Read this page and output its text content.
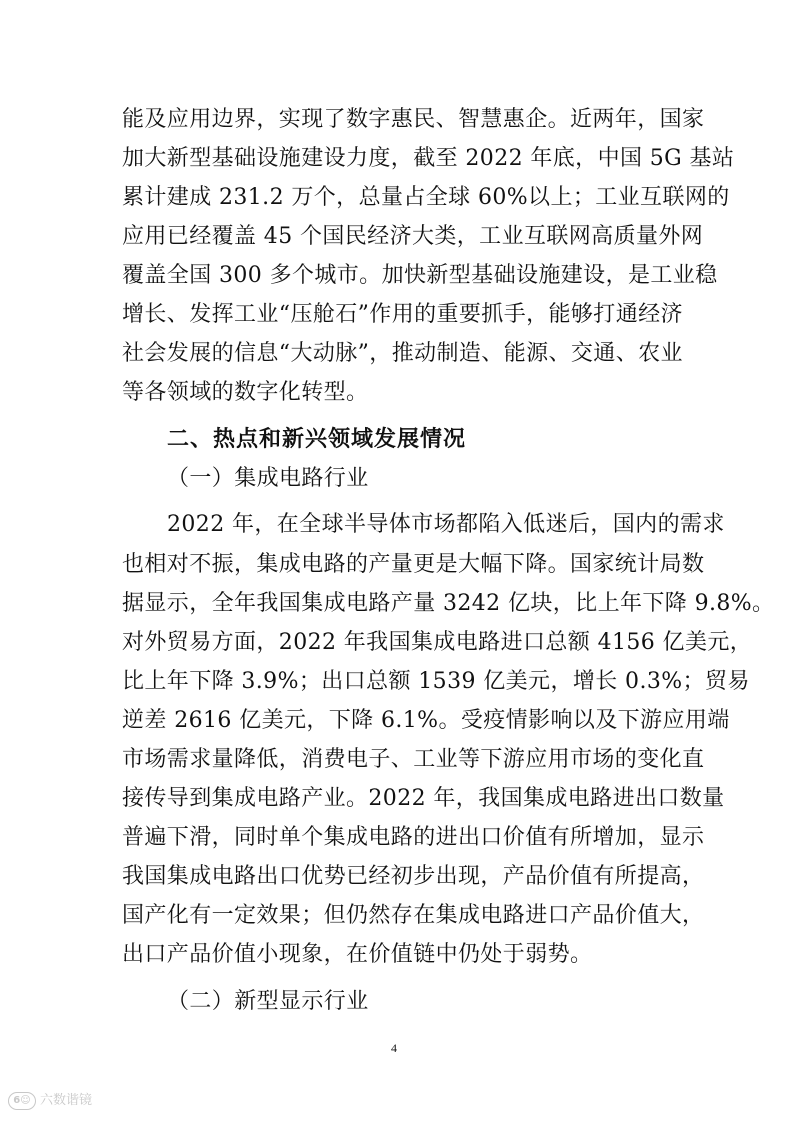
能及应用边界，实现了数字惠民、智慧惠企。近两年，国家
加大新型基础设施建设力度，截至 2022 年底，中国 5G 基站
累计建成 231.2 万个，总量占全球 60%以上；工业互联网的
应用已经覆盖 45 个国民经济大类，工业互联网高质量外网
覆盖全国 300 多个城市。加快新型基础设施建设，是工业稳
增长、发挥工业“压舱石”作用的重要抓手，能够打通经济
社会发展的信息“大动脉”，推动制造、能源、交通、农业
等各领域的数字化转型。
二、热点和新兴领域发展情况
（一）集成电路行业
2022 年，在全球半导体市场都陷入低迷后，国内的需求
也相对不振，集成电路的产量更是大幅下降。国家统计局数
据显示，全年我国集成电路产量 3242 亿块，比上年下降 9.8%。
对外贸易方面，2022 年我国集成电路进口总额 4156 亿美元，
比上年下降 3.9%；出口总额 1539 亿美元，增长 0.3%；贸易
逆差 2616 亿美元，下降 6.1%。受疫情影响以及下游应用端
市场需求量降低，消费电子、工业等下游应用市场的变化直
接传导到集成电路产业。2022 年，我国集成电路进出口数量
普遍下滑，同时单个集成电路的进出口价值有所增加，显示
我国集成电路出口优势已经初步出现，产品价值有所提高，
国产化有一定效果；但仍然存在集成电路进口产品价值大，
出口产品价值小现象，在价值链中仍处于弱势。
（二）新型显示行业
4
6☺ 六数谐镜
